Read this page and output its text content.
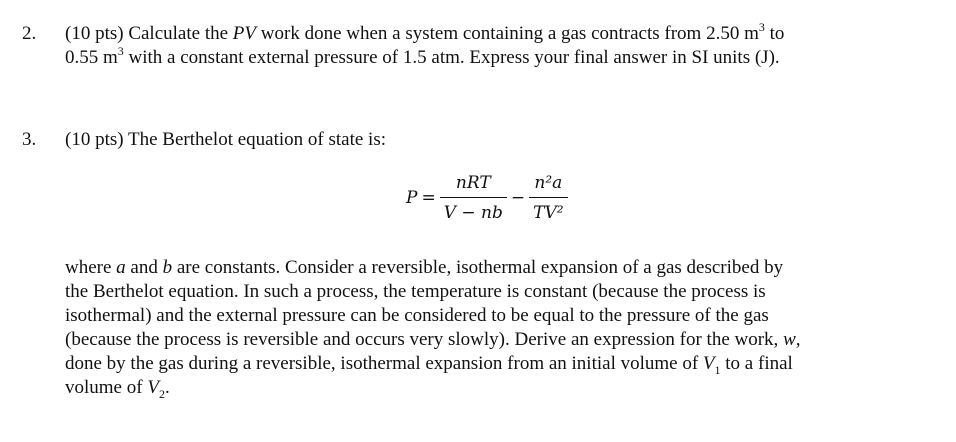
2.	(10 pts) Calculate the PV work done when a system containing a gas contracts from 2.50 $m^3$ to
0.55 $m^3$ with a constant external pressure of 1.5 atm. Express your final answer in SI units (J).
3.	(10 pts) The Berthelot equation of state is:
$P = \frac{\text{nRT}}{V - nb} - \frac{\text{n²a}}{\text{TV²}}$
where a and b are constants. Consider a reversible, isothermal expansion of a gas described by
the Berthelot equation. In such a process, the temperature is constant (because the process is
isothermal) and the external pressure can be considered to be equal to the pressure of the gas
(because the process is reversible and occurs very slowly). Derive an expression for the work, w,
done by the gas during a reversible, isothermal expansion from an initial volume of $V_1$ to a final
volume of $V_2$.
